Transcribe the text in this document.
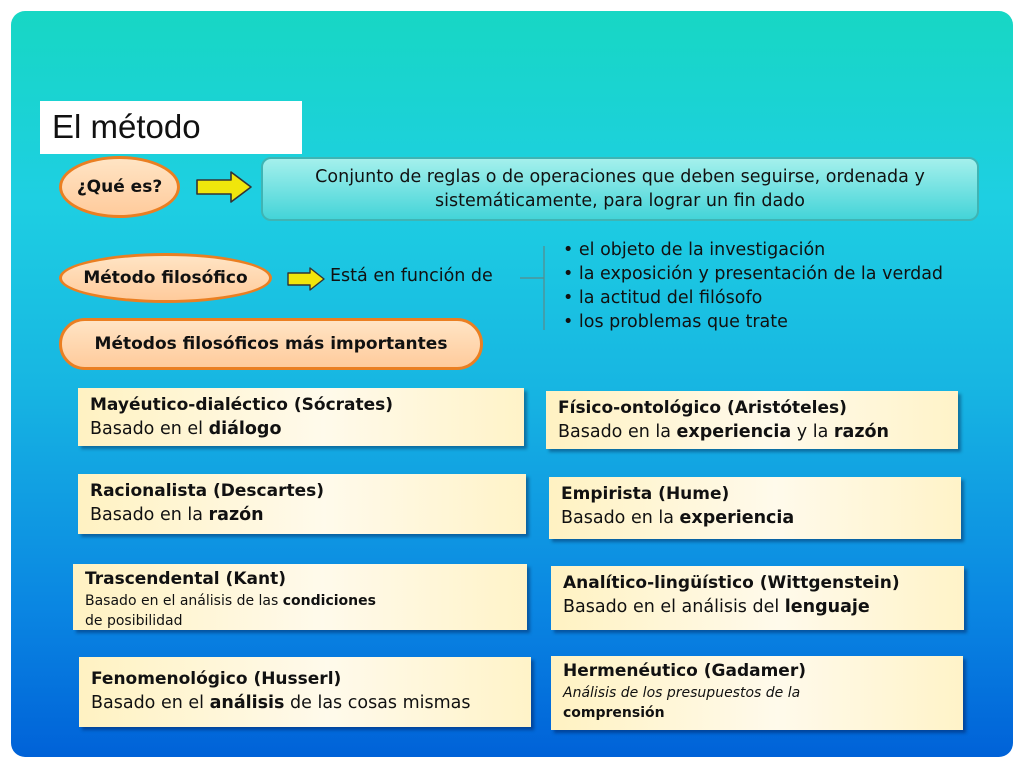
El método
¿Qué es?	Conjunto de reglas o de operaciones que deben seguirse, ordenada y sistemáticamente, para lograr un fin dado
Método filosófico	Está en función de
• el objeto de la investigación
• la exposición y presentación de la verdad
• la actitud del filósofo
• los problemas que trate
Métodos filosóficos más importantes
Mayéutico-dialéctico (Sócrates)
Basado en el diálogo
Físico-ontológico (Aristóteles)
Basado en la experiencia y la razón
Racionalista (Descartes)
Basado en la razón
Empirista (Hume)
Basado en la experiencia
Trascendental (Kant)
Basado en el análisis de las condiciones
de posibilidad
Analítico-lingüístico (Wittgenstein)
Basado en el análisis del lenguaje
Fenomenológico (Husserl)
Basado en el análisis de las cosas mismas
Hermenéutico (Gadamer)
Análisis de los presupuestos de la
comprensión
